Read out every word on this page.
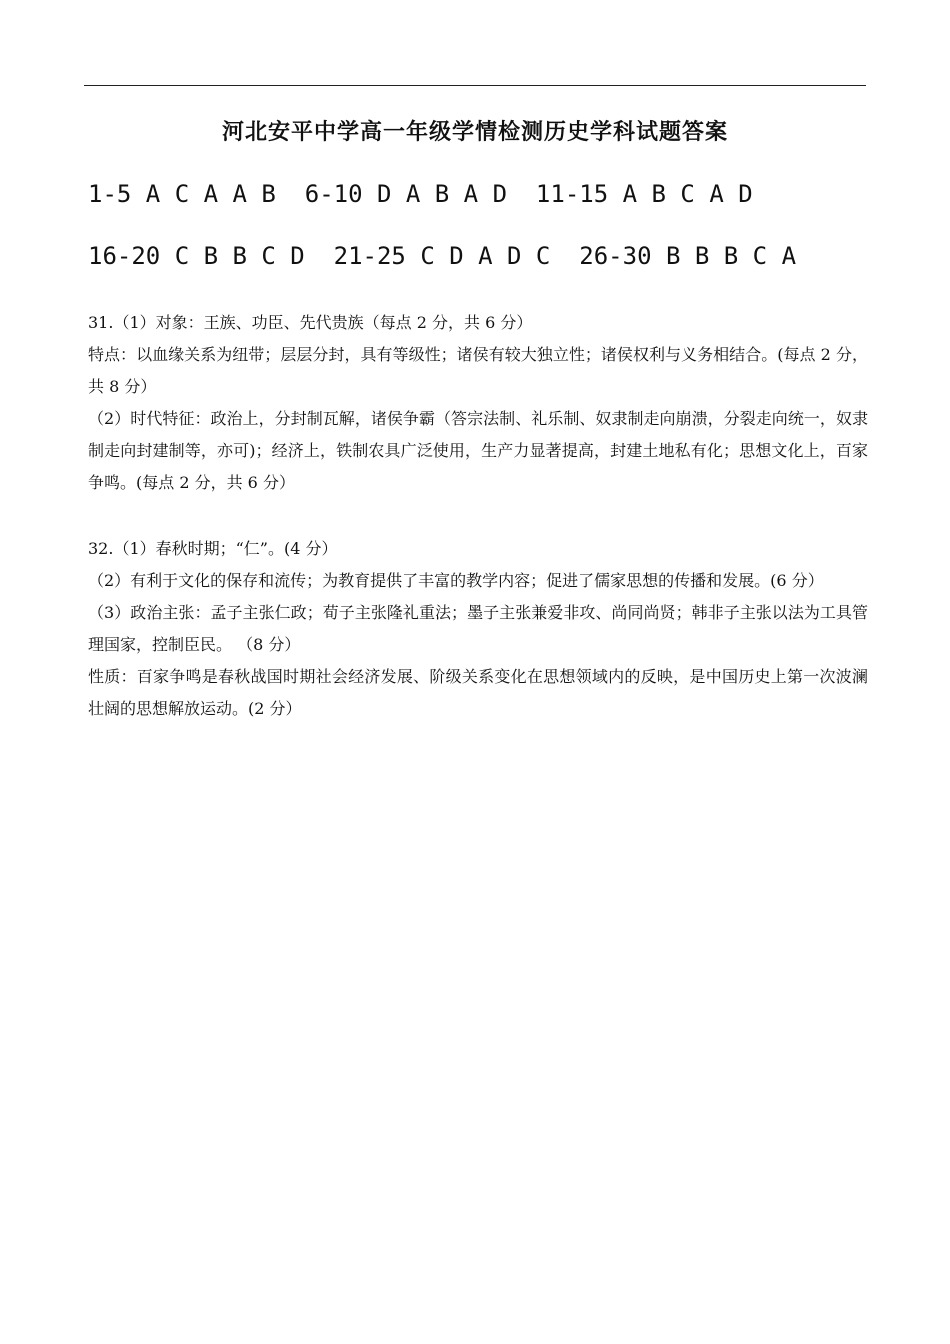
河北安平中学高一年级学情检测历史学科试题答案
1-5 A C A A B  6-10 D A B A D  11-15 A B C A D
16-20 C B B C D  21-25 C D A D C  26-30 B B B C A

31.（1）对象：王族、功臣、先代贵族（每点 2 分，共 6 分）

特点：以血缘关系为纽带；层层分封，具有等级性；诸侯有较大独立性；诸侯权利与义务相结合。(每点 2 分，共 8 分）

（2）时代特征：政治上，分封制瓦解，诸侯争霸（答宗法制、礼乐制、奴隶制走向崩溃，分裂走向统一，奴隶制走向封建制等，亦可)；经济上，铁制农具广泛使用，生产力显著提高，封建土地私有化；思想文化上，百家争鸣。(每点 2 分，共 6 分）

32.（1）春秋时期；“仁”。(4 分）

（2）有利于文化的保存和流传；为教育提供了丰富的教学内容；促进了儒家思想的传播和发展。(6 分）

（3）政治主张：孟子主张仁政；荀子主张隆礼重法；墨子主张兼爱非攻、尚同尚贤；韩非子主张以法为工具管理国家，控制臣民。 （8 分）

性质：百家争鸣是春秋战国时期社会经济发展、阶级关系变化在思想领域内的反映，是中国历史上第一次波澜壮阔的思想解放运动。(2 分）
